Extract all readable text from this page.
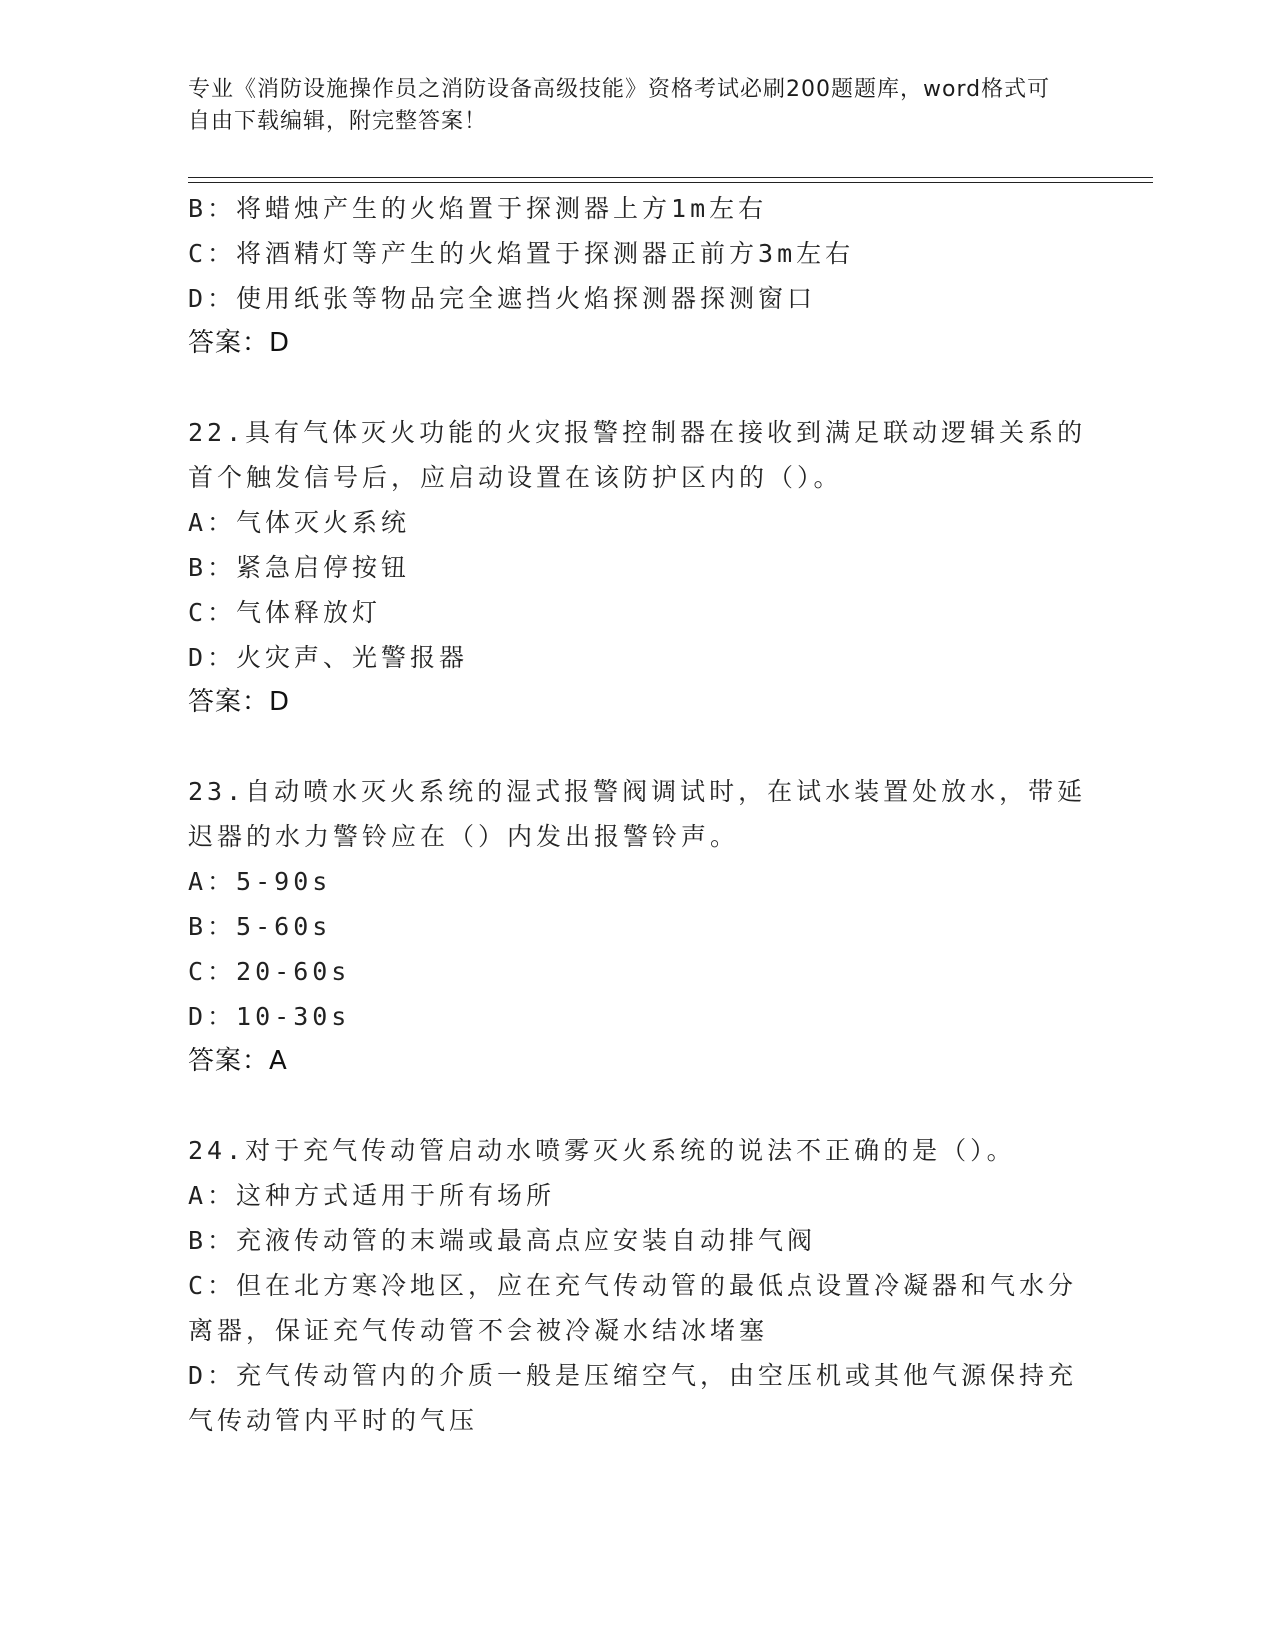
专业《消防设施操作员之消防设备高级技能》资格考试必刷200题题库，word格式可自由下载编辑，附完整答案！
B：将蜡烛产生的火焰置于探测器上方1m左右
C：将酒精灯等产生的火焰置于探测器正前方3m左右
D：使用纸张等物品完全遮挡火焰探测器探测窗口
答案：D
22.具有气体灭火功能的火灾报警控制器在接收到满足联动逻辑关系的
首个触发信号后，应启动设置在该防护区内的（）。
A：气体灭火系统
B：紧急启停按钮
C：气体释放灯
D：火灾声、光警报器
答案：D
23.自动喷水灭火系统的湿式报警阀调试时，在试水装置处放水，带延
迟器的水力警铃应在（）内发出报警铃声。
A：5-90s
B：5-60s
C：20-60s
D：10-30s
答案：A
24.对于充气传动管启动水喷雾灭火系统的说法不正确的是（）。
A：这种方式适用于所有场所
B：充液传动管的末端或最高点应安装自动排气阀
C：但在北方寒冷地区，应在充气传动管的最低点设置冷凝器和气水分
离器，保证充气传动管不会被冷凝水结冰堵塞
D：充气传动管内的介质一般是压缩空气，由空压机或其他气源保持充
气传动管内平时的气压
